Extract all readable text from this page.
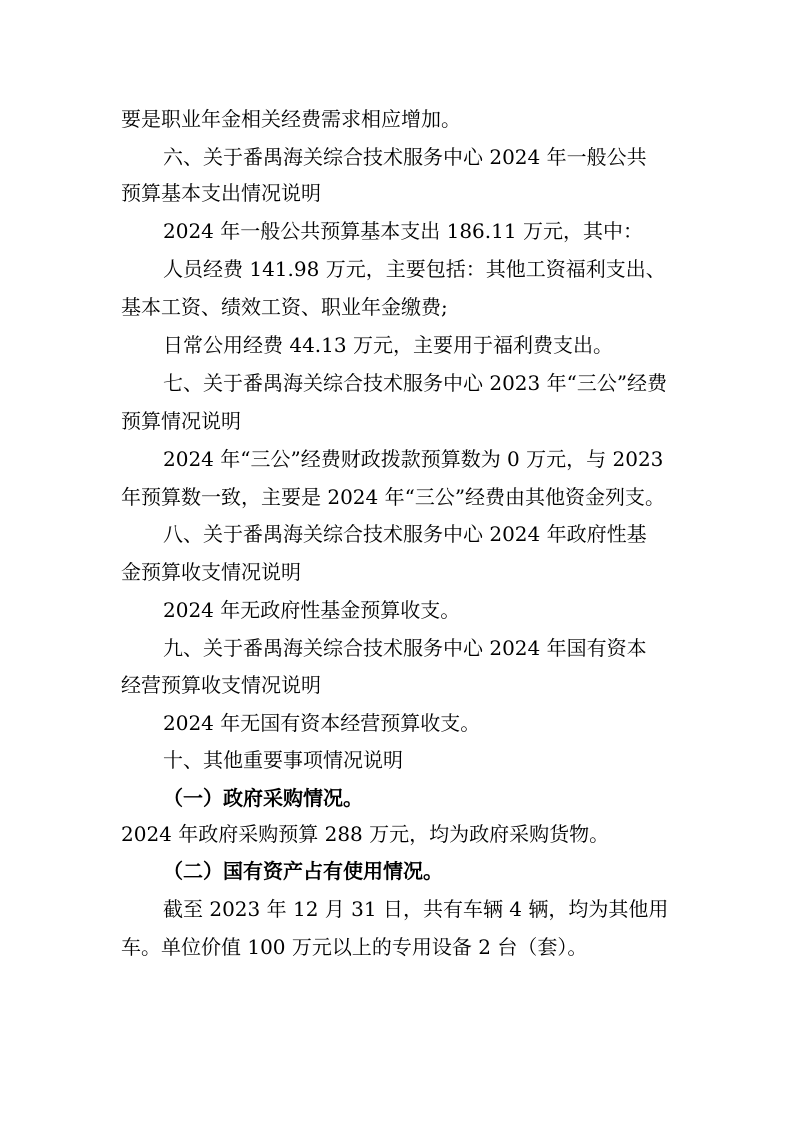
要是职业年金相关经费需求相应增加。
六、关于番禺海关综合技术服务中心 2024 年一般公共
预算基本支出情况说明
2024 年一般公共预算基本支出 186.11 万元，其中：
人员经费 141.98 万元，主要包括：其他工资福利支出、
基本工资、绩效工资、职业年金缴费;
日常公用经费 44.13 万元，主要用于福利费支出。
七、关于番禺海关综合技术服务中心 2023 年“三公”经费
预算情况说明
2024 年“三公”经费财政拨款预算数为 0 万元，与 2023
年预算数一致，主要是 2024 年“三公”经费由其他资金列支。
八、关于番禺海关综合技术服务中心 2024 年政府性基
金预算收支情况说明
2024 年无政府性基金预算收支。
九、关于番禺海关综合技术服务中心 2024 年国有资本
经营预算收支情况说明
2024 年无国有资本经营预算收支。
十、其他重要事项情况说明
（一）政府采购情况。
2024 年政府采购预算 288 万元，均为政府采购货物。
（二）国有资产占有使用情况。
截至 2023 年 12 月 31 日，共有车辆 4 辆，均为其他用
车。单位价值 100 万元以上的专用设备 2 台（套）。
